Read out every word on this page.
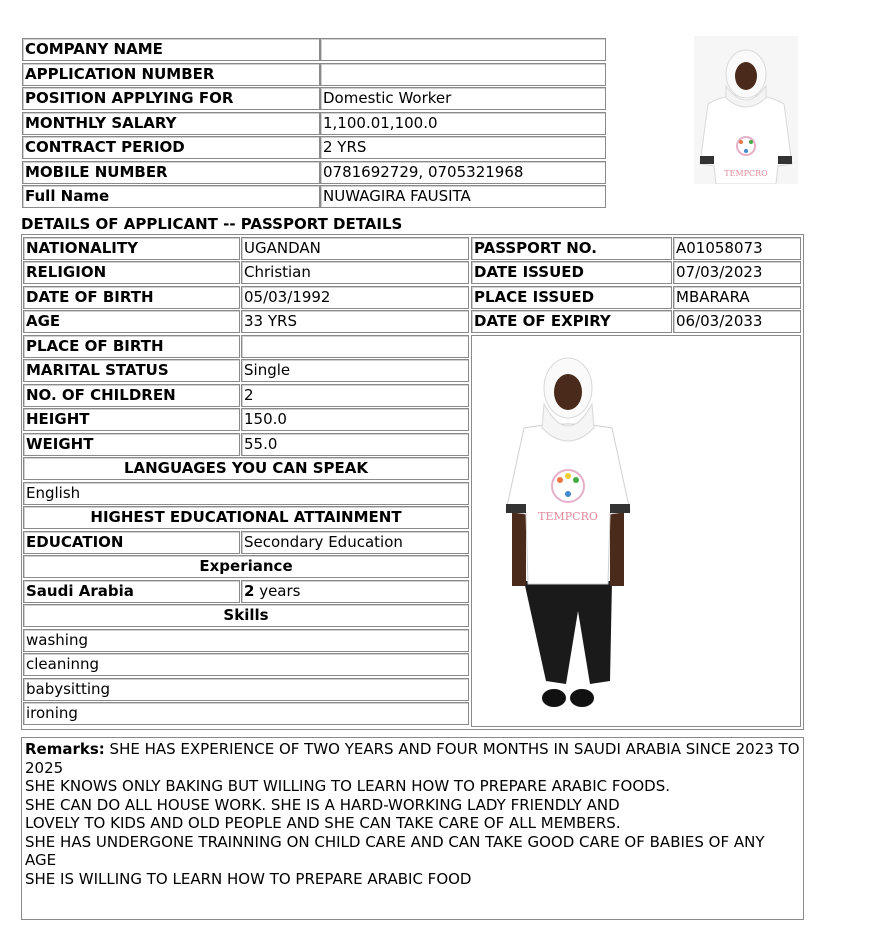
COMPANY NAME
APPLICATION NUMBER
POSITION APPLYING FOR	Domestic Worker
MONTHLY SALARY	1,100.01,100.0
CONTRACT PERIOD	2 YRS
MOBILE NUMBER	0781692729, 0705321968
Full Name	NUWAGIRA FAUSITA
TEMPCRO
DETAILS OF APPLICANT -- PASSPORT DETAILS
NATIONALITY	UGANDAN
RELIGION	Christian
DATE OF BIRTH	05/03/1992
AGE	33 YRS
PLACE OF BIRTH
MARITAL STATUS	Single
NO. OF CHILDREN	2
HEIGHT	150.0
WEIGHT	55.0
LANGUAGES YOU CAN SPEAK
English
HIGHEST EDUCATIONAL ATTAINMENT
EDUCATION	Secondary Education
Experiance
Saudi Arabia	2 years
Skills
washing
cleaninng
babysitting
ironing
PASSPORT NO.	A01058073
DATE ISSUED	07/03/2023
PLACE ISSUED	MBARARA
DATE OF EXPIRY	06/03/2033
TEMPCRO
Remarks: SHE HAS EXPERIENCE OF TWO YEARS AND FOUR MONTHS IN SAUDI ARABIA SINCE 2023 TO 2025
SHE KNOWS ONLY BAKING BUT WILLING TO LEARN HOW TO PREPARE ARABIC FOODS.
SHE CAN DO ALL HOUSE WORK. SHE IS A HARD-WORKING LADY FRIENDLY AND
LOVELY TO KIDS AND OLD PEOPLE AND SHE CAN TAKE CARE OF ALL MEMBERS.
SHE HAS UNDERGONE TRAINNING ON CHILD CARE AND CAN TAKE GOOD CARE OF BABIES OF ANY AGE
SHE IS WILLING TO LEARN HOW TO PREPARE ARABIC FOOD
